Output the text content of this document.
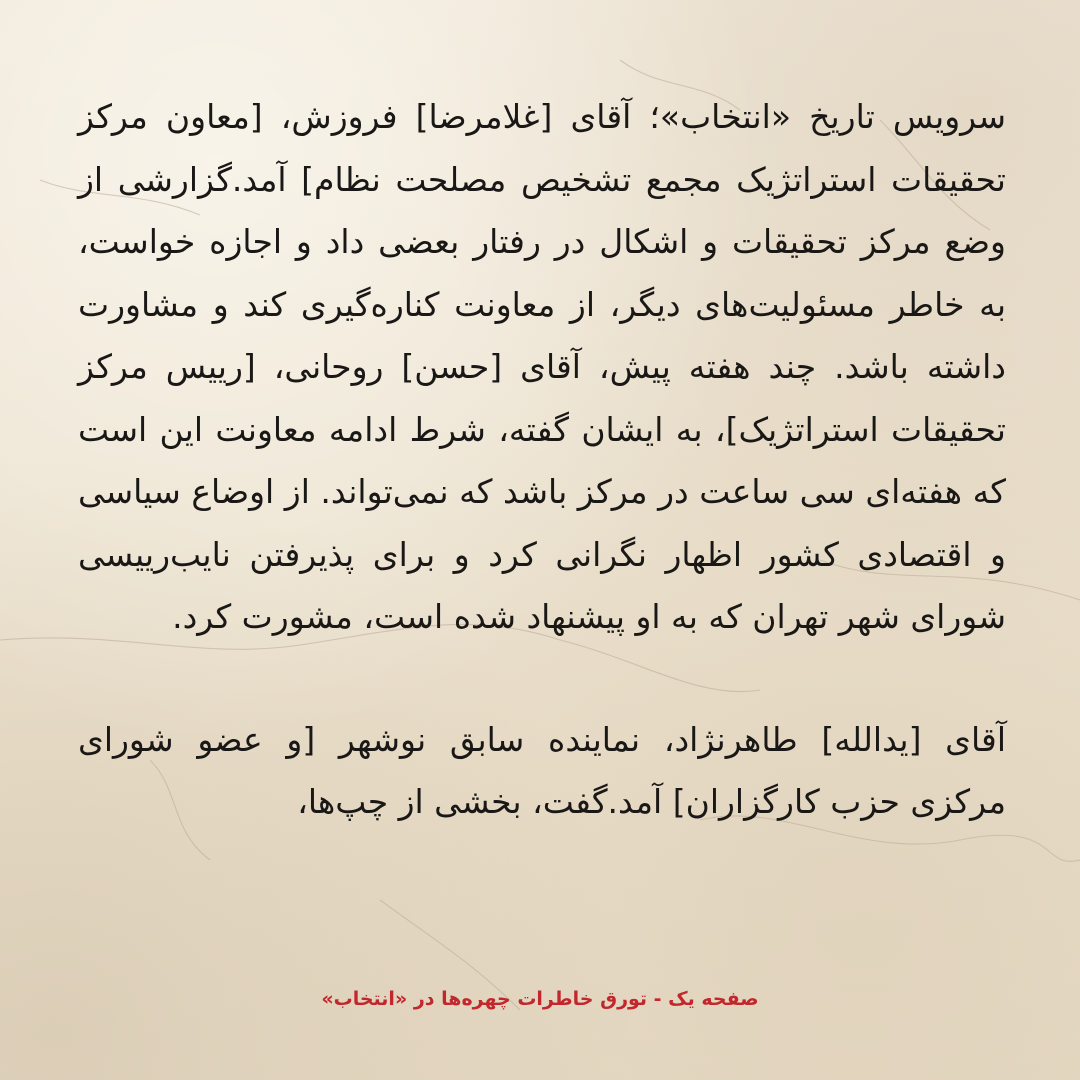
سرویس تاریخ «انتخاب»؛ آقای [غلامرضا] فروزش، [معاون مرکز تحقیقات استراتژیک مجمع تشخیص مصلحت نظام] آمد.گزارشی از وضع مرکز تحقیقات و اشکال در رفتار بعضی داد و اجازه خواست، به خاطر مسئولیت‌های دیگر، از معاونت کناره‌گیری کند و مشاورت داشته باشد. چند هفته پیش، آقای [حسن] روحانی، [رییس مرکز تحقیقات استراتژیک]، به ایشان گفته، شرط ادامه معاونت این است که هفته‌ای سی ساعت در مرکز باشد که نمی‌تواند. از اوضاع سیاسی و اقتصادی کشور اظهار نگرانی کرد و برای پذیرفتن نایب‌رییسی شورای شهر تهران که به او پیشنهاد شده است، مشورت کرد.

آقای [یدالله] طاهرنژاد، نماینده سابق نوشهر [و عضو شورای مرکزی حزب کارگزاران] آمد.گفت، بخشی از چپ‌ها،

صفحه یک - تورق خاطرات چهره‌ها در «انتخاب»
